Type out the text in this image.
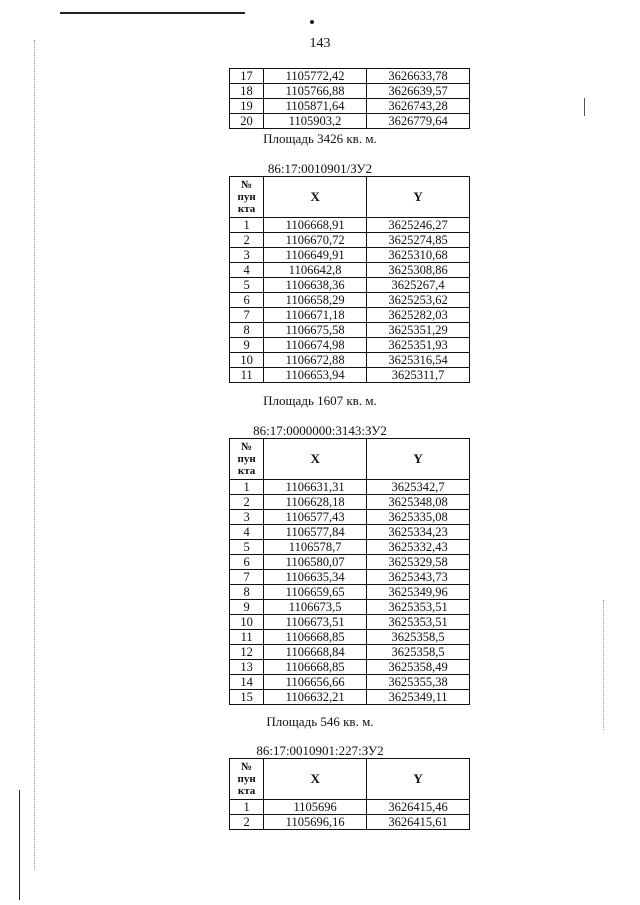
143
17	1105772,42	3626633,78
18	1105766,88	3626639,57
19	1105871,64	3626743,28
20	1105903,2	3626779,64
Площадь 3426 кв. м.
86:17:0010901/ЗУ2
№
пун
кта	X	Y
1	1106668,91	3625246,27
2	1106670,72	3625274,85
3	1106649,91	3625310,68
4	1106642,8	3625308,86
5	1106638,36	3625267,4
6	1106658,29	3625253,62
7	1106671,18	3625282,03
8	1106675,58	3625351,29
9	1106674,98	3625351,93
10	1106672,88	3625316,54
11	1106653,94	3625311,7
Площадь 1607 кв. м.
86:17:0000000:3143:ЗУ2
№
пун
кта	X	Y
1	1106631,31	3625342,7
2	1106628,18	3625348,08
3	1106577,43	3625335,08
4	1106577,84	3625334,23
5	1106578,7	3625332,43
6	1106580,07	3625329,58
7	1106635,34	3625343,73
8	1106659,65	3625349,96
9	1106673,5	3625353,51
10	1106673,51	3625353,51
11	1106668,85	3625358,5
12	1106668,84	3625358,5
13	1106668,85	3625358,49
14	1106656,66	3625355,38
15	1106632,21	3625349,11
Площадь 546 кв. м.
86:17:0010901:227:ЗУ2
№
пун
кта	X	Y
1	1105696	3626415,46
2	1105696,16	3626415,61
